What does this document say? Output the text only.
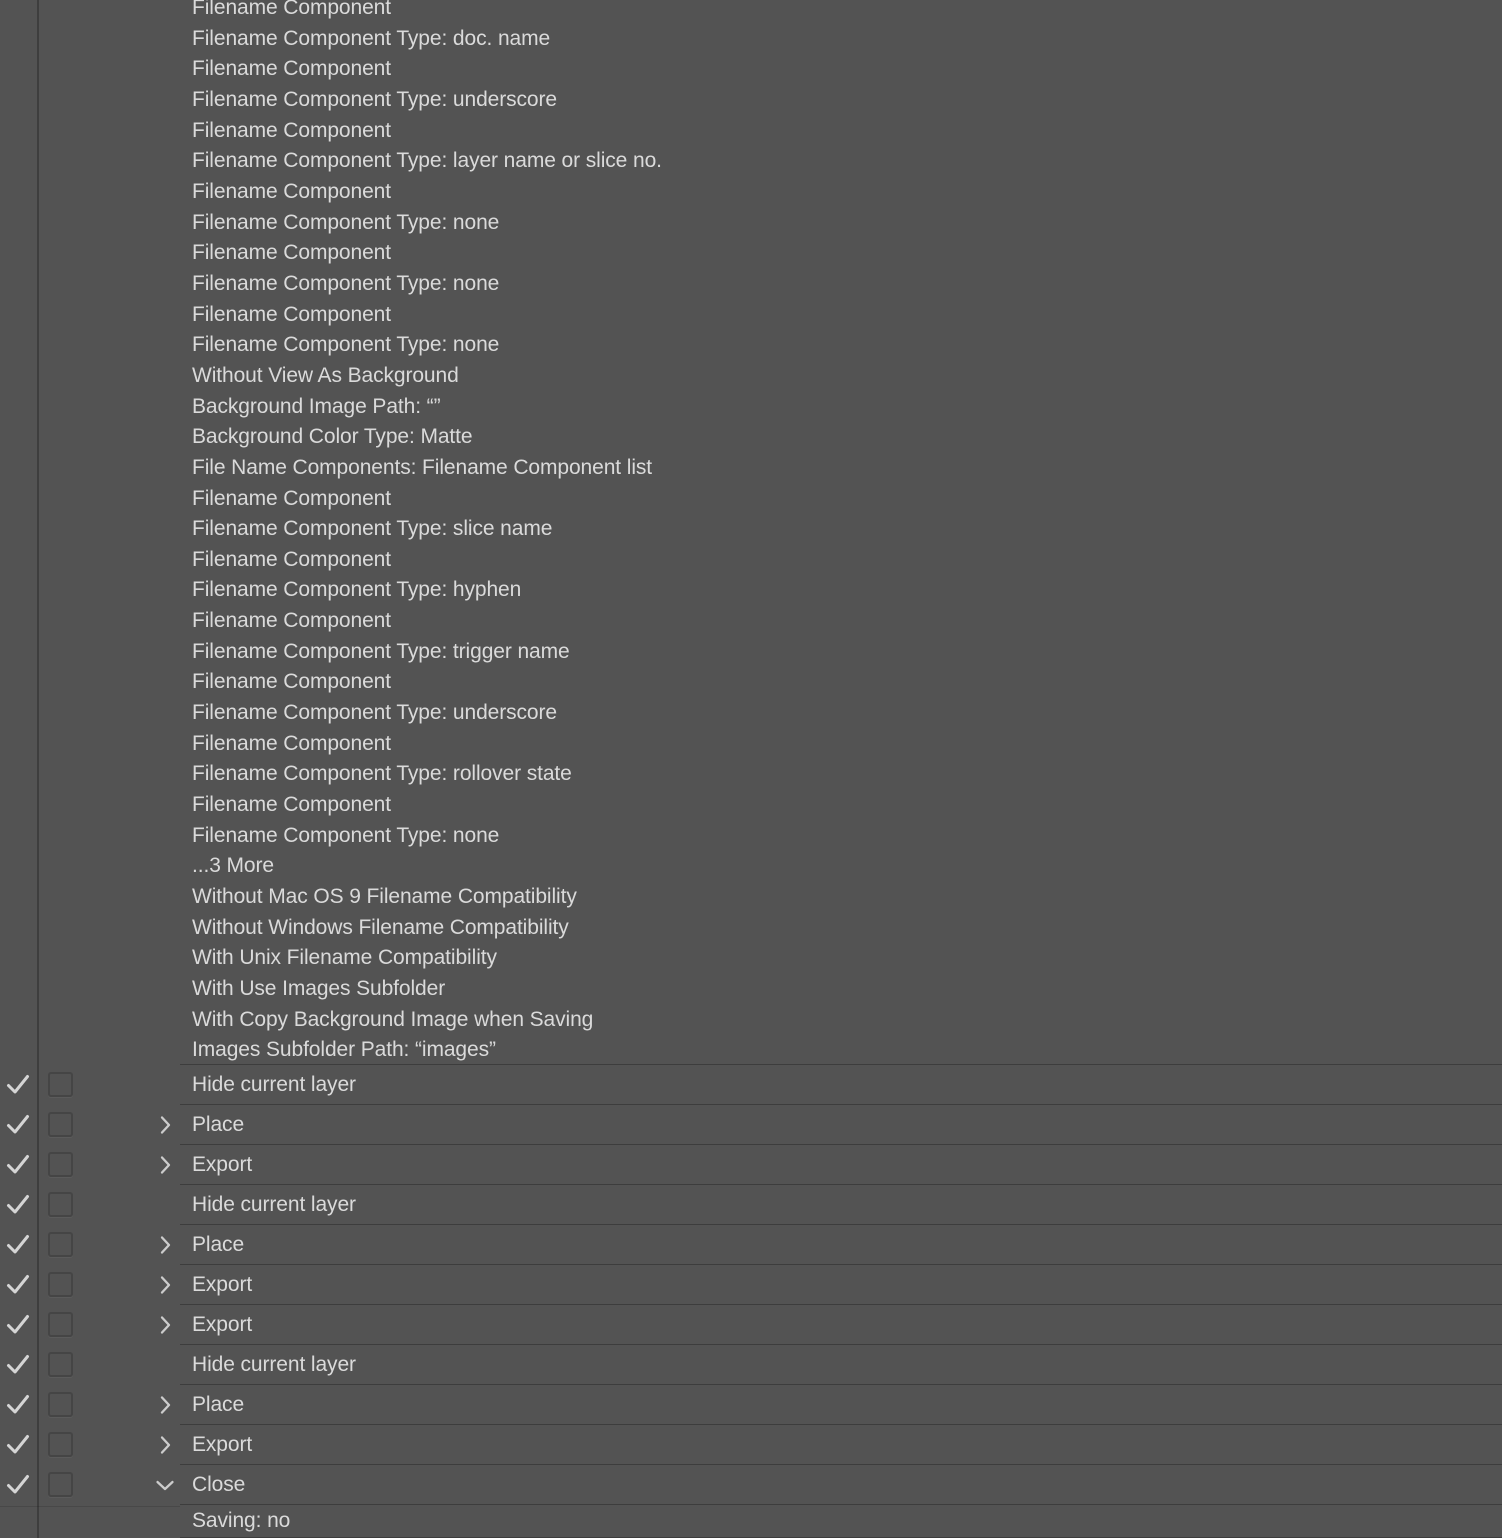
Filename Component
Filename Component Type: doc. name
Filename Component
Filename Component Type: underscore
Filename Component
Filename Component Type: layer name or slice no.
Filename Component
Filename Component Type: none
Filename Component
Filename Component Type: none
Filename Component
Filename Component Type: none
Without View As Background
Background Image Path: “”
Background Color Type: Matte
File Name Components: Filename Component list
Filename Component
Filename Component Type: slice name
Filename Component
Filename Component Type: hyphen
Filename Component
Filename Component Type: trigger name
Filename Component
Filename Component Type: underscore
Filename Component
Filename Component Type: rollover state
Filename Component
Filename Component Type: none
...3 More
Without Mac OS 9 Filename Compatibility
Without Windows Filename Compatibility
With Unix Filename Compatibility
With Use Images Subfolder
With Copy Background Image when Saving
Images Subfolder Path: “images”
Hide current layer
Place
Export
Hide current layer
Place
Export
Export
Hide current layer
Place
Export
Close
Saving: no
